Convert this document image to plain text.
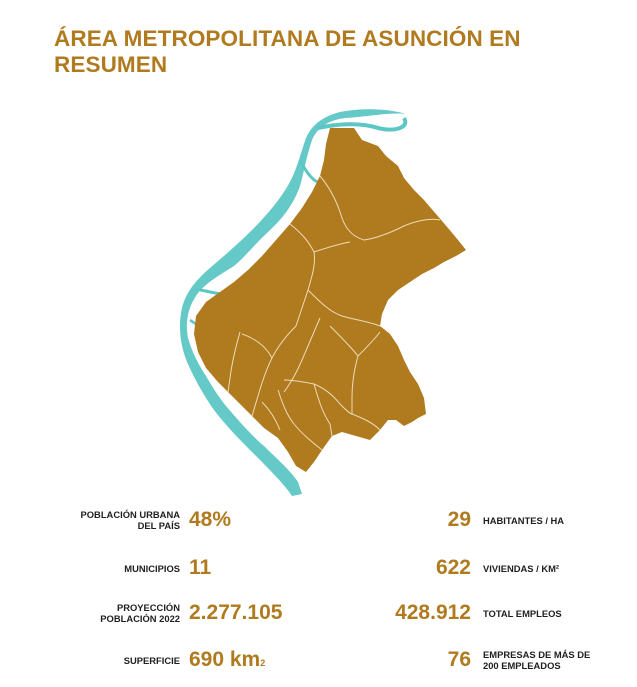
ÁREA METROPOLITANA DE ASUNCIÓN EN RESUMEN
POBLACIÓN URBANA DEL PAÍS 48%
MUNICIPIOS 11
PROYECCIÓN POBLACIÓN 2022 2.277.105
SUPERFICIE 690 $km^2$
29 HABITANTES / HA
622 VIVIENDAS / KM²
428.912 TOTAL EMPLEOS
76 EMPRESAS DE MÁS DE 200 EMPLEADOS
